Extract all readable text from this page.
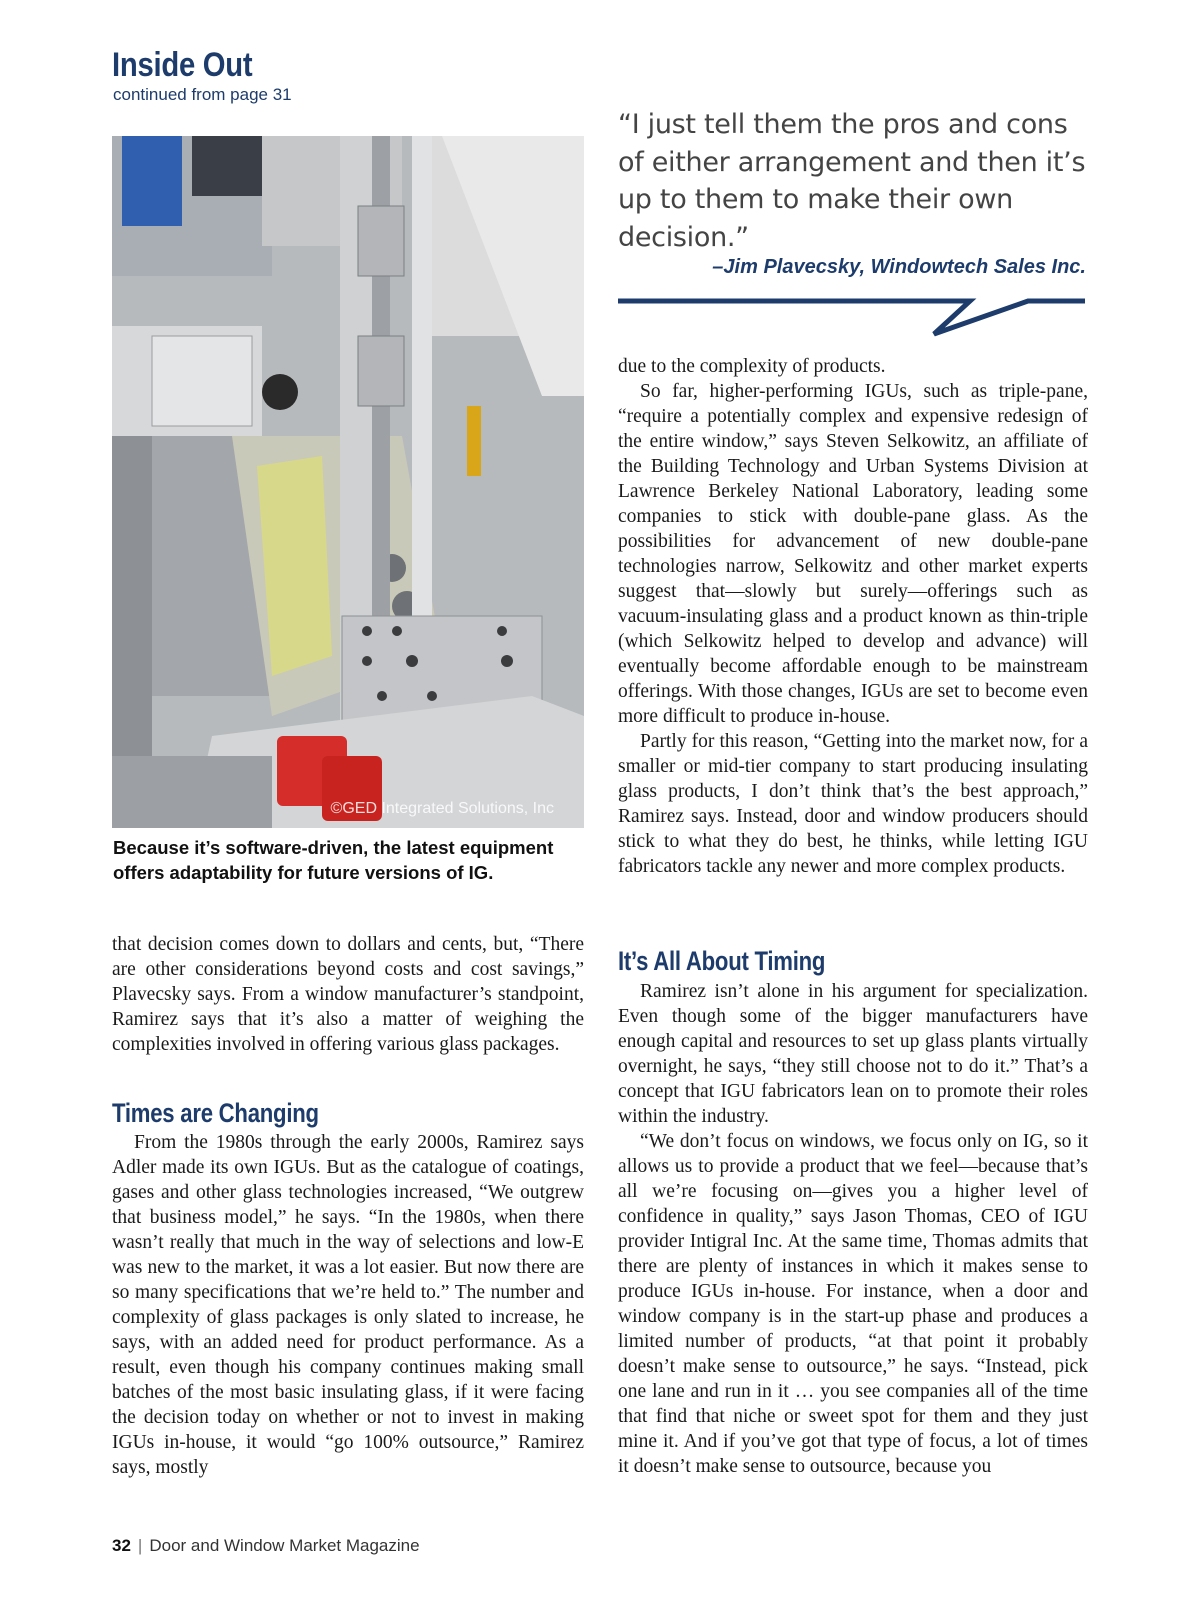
Inside Out
continued from page 31
©GED Integrated Solutions, Inc

Because it’s software-driven, the latest equipment offers adaptability for future versions of IG.

that decision comes down to dollars and cents, but, “There are other considerations beyond costs and cost savings,” Plavecsky says. From a window manufacturer’s standpoint, Ramirez says that it’s also a matter of weighing the complexities involved in offering various glass packages.

Times are Changing

From the 1980s through the early 2000s, Ramirez says Adler made its own IGUs. But as the catalogue of coatings, gases and other glass technologies increased, “We outgrew that business model,” he says. “In the 1980s, when there wasn’t really that much in the way of selections and low-E was new to the market, it was a lot easier. But now there are so many specifications that we’re held to.” The number and complexity of glass packages is only slated to increase, he says, with an added need for product performance. As a result, even though his company continues making small batches of the most basic insulating glass, if it were facing the decision today on whether or not to invest in making IGUs in-house, it would “go 100% outsource,” Ramirez says, mostly

“I just tell them the pros and cons of either arrangement and then it’s up to them to make their own decision.”
–Jim Plavecsky, Windowtech Sales Inc.

due to the complexity of products.

So far, higher-performing IGUs, such as triple-pane, “require a potentially complex and expensive redesign of the entire window,” says Steven Selkowitz, an affiliate of the Building Technology and Urban Systems Division at Lawrence Berkeley National Laboratory, leading some companies to stick with double-pane glass. As the possibilities for advancement of new double-pane technologies narrow, Selkowitz and other market experts suggest that—slowly but surely—offerings such as vacuum-insulating glass and a product known as thin-triple (which Selkowitz helped to develop and advance) will eventually become affordable enough to be mainstream offerings. With those changes, IGUs are set to become even more difficult to produce in-house.

Partly for this reason, “Getting into the market now, for a smaller or mid-tier company to start producing insulating glass products, I don’t think that’s the best approach,” Ramirez says. Instead, door and window producers should stick to what they do best, he thinks, while letting IGU fabricators tackle any newer and more complex products.

It’s All About Timing

Ramirez isn’t alone in his argument for specialization. Even though some of the bigger manufacturers have enough capital and resources to set up glass plants virtually overnight, he says, “they still choose not to do it.” That’s a concept that IGU fabricators lean on to promote their roles within the industry.

“We don’t focus on windows, we focus only on IG, so it allows us to provide a product that we feel—because that’s all we’re focusing on—gives you a higher level of confidence in quality,” says Jason Thomas, CEO of IGU provider Intigral Inc. At the same time, Thomas admits that there are plenty of instances in which it makes sense to produce IGUs in-house. For instance, when a door and window company is in the start-up phase and produces a limited number of products, “at that point it probably doesn’t make sense to outsource,” he says. “Instead, pick one lane and run in it … you see companies all of the time that find that niche or sweet spot for them and they just mine it. And if you’ve got that type of focus, a lot of times it doesn’t make sense to outsource, because you

32 | Door and Window Market Magazine
